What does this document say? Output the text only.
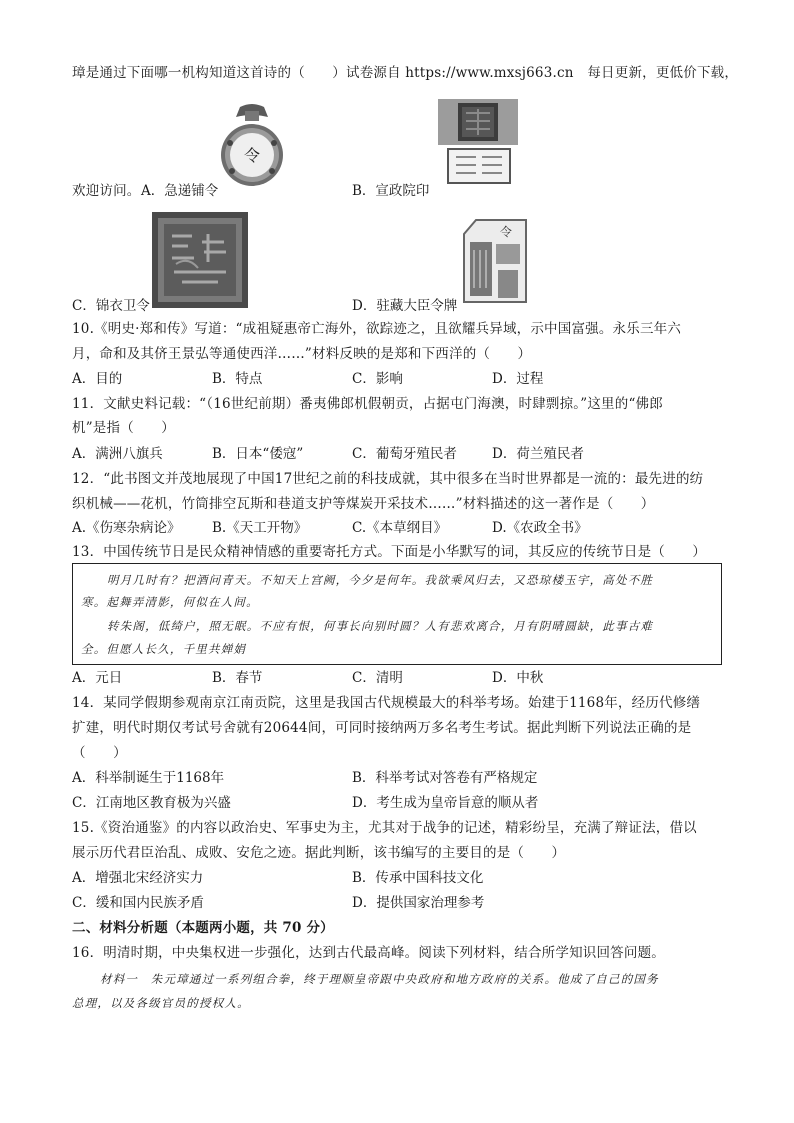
璋是通过下面哪一机构知道这首诗的（　　）试卷源自 https://www.mxsj663.cn　每日更新，更低价下载，
令
欢迎访问。 A．急递铺令	B．宣政院印
令
C．锦衣卫令	D．驻藏大臣令牌
10.《明史·郑和传》写道：“成祖疑惠帝亡海外，欲踪迹之，且欲耀兵异域，示中国富强。永乐三年六
月，命和及其侪王景弘等通使西洋……”材料反映的是郑和下西洋的（　　）
A．目的	B．特点	C．影响	D．过程
11．文献史料记载：“（16世纪前期）番夷佛郎机假朝贡，占据屯门海澳，时肆剽掠。”这里的“佛郎
机”是指（　　）
A．满洲八旗兵	B．日本“倭寇”	C．葡萄牙殖民者	D．荷兰殖民者
12．“此书图文并茂地展现了中国17世纪之前的科技成就，其中很多在当时世界都是一流的：最先进的纺
织机械——花机，竹筒排空瓦斯和巷道支护等煤炭开采技术……”材料描述的这一著作是（　　）
A.《伤寒杂病论》 B.《天工开物》	C.《本草纲目》	D.《农政全书》
13．中国传统节日是民众精神情感的重要寄托方式。下面是小华默写的词，其反应的传统节日是（　　）
明月几时有？把酒问青天。不知天上宫阙，今夕是何年。我欲乘风归去，又恐琼楼玉宇，高处不胜
寒。起舞弄清影，何似在人间。
转朱阁，低绮户，照无眠。不应有恨，何事长向别时圆？人有悲欢离合，月有阴晴圆缺，此事古难
全。但愿人长久，千里共婵娟
A．元日	B．春节	C．清明	D．中秋
14．某同学假期参观南京江南贡院，这里是我国古代规模最大的科举考场。始建于1168年，经历代修缮
扩建，明代时期仅考试号舍就有20644间，可同时接纳两万多名考生考试。据此判断下列说法正确的是
（　　）
A．科举制诞生于1168年	B．科举考试对答卷有严格规定
C．江南地区教育极为兴盛	D．考生成为皇帝旨意的顺从者
15.《资治通鉴》的内容以政治史、军事史为主，尤其对于战争的记述，精彩纷呈，充满了辩证法，借以
展示历代君臣治乱、成败、安危之迹。据此判断，该书编写的主要目的是（　　）
A．增强北宋经济实力	B．传承中国科技文化
C．缓和国内民族矛盾	D．提供国家治理参考
二、材料分析题（本题两小题，共 70 分）
16．明清时期，中央集权进一步强化，达到古代最高峰。阅读下列材料，结合所学知识回答问题。
材料一　朱元璋通过一系列组合拳，终于理顺皇帝跟中央政府和地方政府的关系。他成了自己的国务
总理，以及各级官员的授权人。
